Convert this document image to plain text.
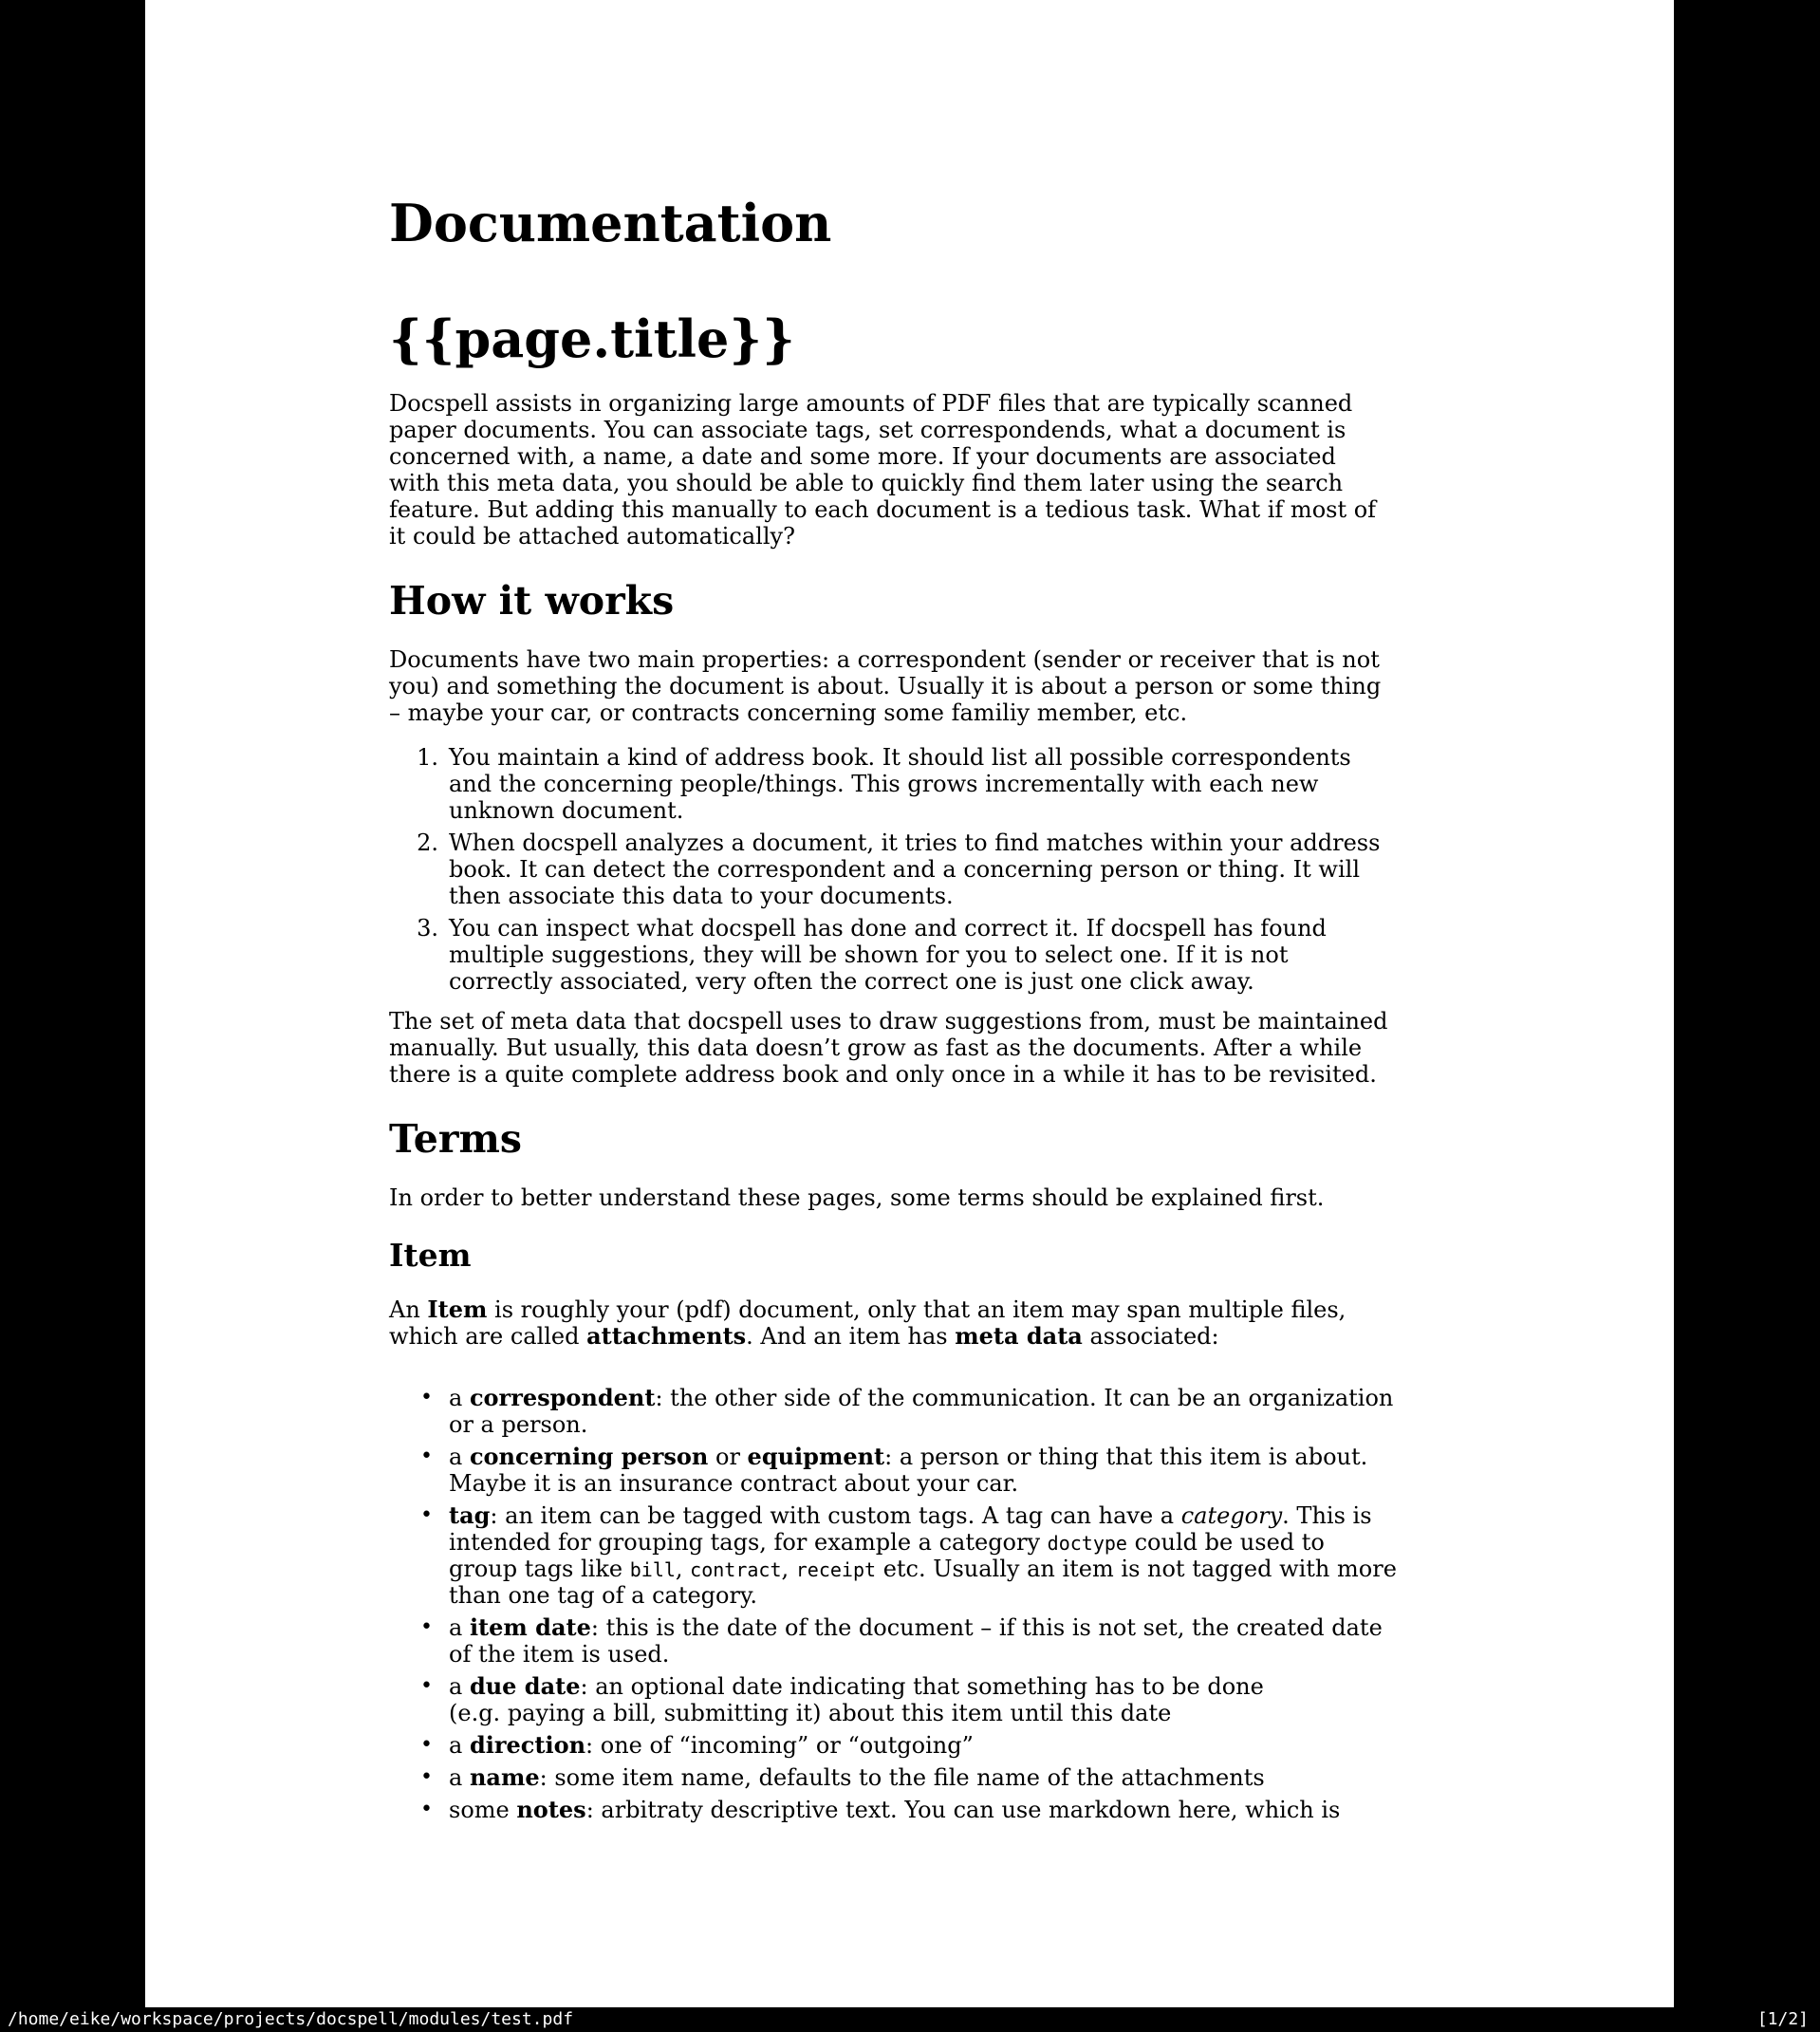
Documentation
{{page.title}}
Docspell assists in organizing large amounts of PDF files that are typically scanned
paper documents. You can associate tags, set correspondends, what a document is
concerned with, a name, a date and some more. If your documents are associated
with this meta data, you should be able to quickly find them later using the search
feature. But adding this manually to each document is a tedious task. What if most of
it could be attached automatically?
How it works
Documents have two main properties: a correspondent (sender or receiver that is not
you) and something the document is about. Usually it is about a person or some thing
– maybe your car, or contracts concerning some familiy member, etc.
1. You maintain a kind of address book. It should list all possible correspondents
and the concerning people/things. This grows incrementally with each new
unknown document.
2. When docspell analyzes a document, it tries to find matches within your address
book. It can detect the correspondent and a concerning person or thing. It will
then associate this data to your documents.
3. You can inspect what docspell has done and correct it. If docspell has found
multiple suggestions, they will be shown for you to select one. If it is not
correctly associated, very often the correct one is just one click away.
The set of meta data that docspell uses to draw suggestions from, must be maintained
manually. But usually, this data doesn’t grow as fast as the documents. After a while
there is a quite complete address book and only once in a while it has to be revisited.
Terms
In order to better understand these pages, some terms should be explained first.
Item
An Item is roughly your (pdf) document, only that an item may span multiple files,
which are called attachments. And an item has meta data associated:
• a correspondent: the other side of the communication. It can be an organization
or a person.
• a concerning person or equipment: a person or thing that this item is about.
Maybe it is an insurance contract about your car.
• tag: an item can be tagged with custom tags. A tag can have a category. This is
intended for grouping tags, for example a category doctype could be used to
group tags like bill, contract, receipt etc. Usually an item is not tagged with more
than one tag of a category.
• a item date: this is the date of the document – if this is not set, the created date
of the item is used.
• a due date: an optional date indicating that something has to be done
(e.g. paying a bill, submitting it) about this item until this date
• a direction: one of “incoming” or “outgoing”
• a name: some item name, defaults to the file name of the attachments
• some notes: arbitraty descriptive text. You can use markdown here, which is
/home/eike/workspace/projects/docspell/modules/test.pdf	[1/2]
